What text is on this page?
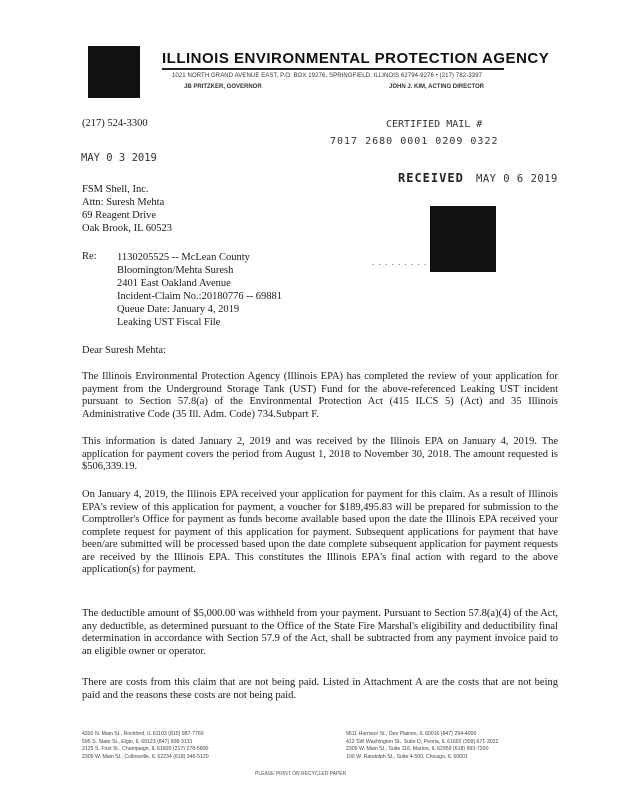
ILLINOIS ENVIRONMENTAL PROTECTION AGENCY
1021 NORTH GRAND AVENUE EAST, P.O. BOX 19276, SPRINGFIELD, ILLINOIS 62794-9276 • (217) 782-3397
JB PRITZKER, GOVERNOR	JOHN J. KIM, ACTING DIRECTOR
(217) 524-3300	CERTIFIED MAIL #
7017 2680 0001 0209 0322
MAY 0 3 2019
RECEIVED MAY 0 6 2019
FSM Shell, Inc.
Attn: Suresh Mehta
69 Reagent Drive
Oak Brook, IL 60523
. . . . . . . . .
Re: 1130205525 -- McLean County
Bloomington/Mehta Suresh
2401 East Oakland Avenue
Incident-Claim No.:20180776 -- 69881
Queue Date: January 4, 2019
Leaking UST Fiscal File
Dear Suresh Mehta:
The Illinois Environmental Protection Agency (Illinois EPA) has completed the review of your application for payment from the Underground Storage Tank (UST) Fund for the above-referenced Leaking UST incident pursuant to Section 57.8(a) of the Environmental Protection Act (415 ILCS 5) (Act) and 35 Illinois Administrative Code (35 Ill. Adm. Code) 734.Subpart F.
This information is dated January 2, 2019 and was received by the Illinois EPA on January 4, 2019. The application for payment covers the period from August 1, 2018 to November 30, 2018. The amount requested is $506,339.19.
On January 4, 2019, the Illinois EPA received your application for payment for this claim. As a result of Illinois EPA's review of this application for payment, a voucher for $189,495.83 will be prepared for submission to the Comptroller's Office for payment as funds become available based upon the date the Illinois EPA received your complete request for payment of this application for payment. Subsequent applications for payment that have been/are submitted will be processed based upon the date complete subsequent application for payment requests are received by the Illinois EPA. This constitutes the Illinois EPA's final action with regard to the above application(s) for payment.
The deductible amount of $5,000.00 was withheld from your payment. Pursuant to Section 57.8(a)(4) of the Act, any deductible, as determined pursuant to the Office of the State Fire Marshal's eligibility and deductibility final determination in accordance with Section 57.9 of the Act, shall be subtracted from any payment invoice paid to an eligible owner or operator.
There are costs from this claim that are not being paid. Listed in Attachment A are the costs that are not being paid and the reasons these costs are not being paid.
4302 N. Main St., Rockford, IL 61103 (815) 987-7760
595 S. State St., Elgin, IL 60123 (847) 608-3131
2125 S. First St., Champaign, IL 61820 (217) 278-5800
2309 W. Main St., Collinsville, IL 62234 (618) 346-5120
9511 Harrison St., Des Plaines, IL 60016 (847) 294-4000
412 SW Washington St., Suite D, Peoria, IL 61602 (309) 671-3022
2309 W. Main St., Suite 116, Marion, IL 62959 (618) 993-7200
100 W. Randolph St., Suite 4-500, Chicago, IL 60601
PLEASE PRINT ON RECYCLED PAPER
